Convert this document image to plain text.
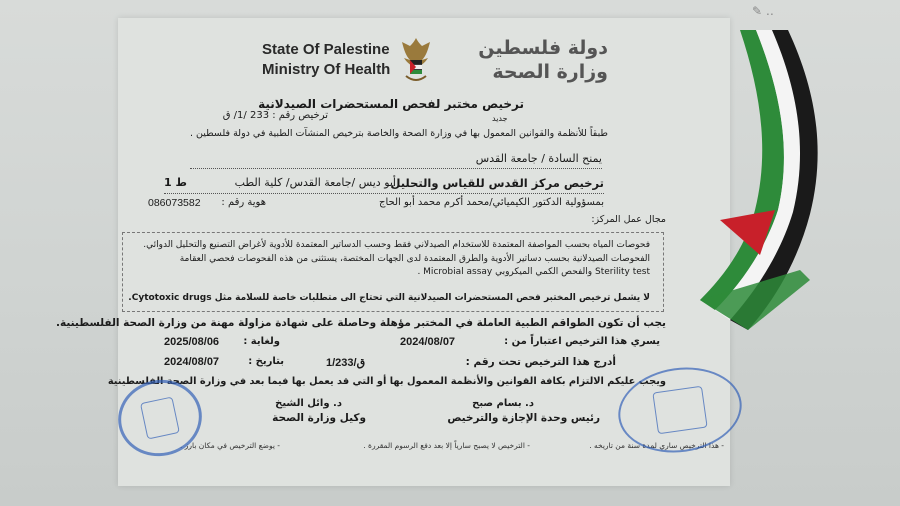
✎ ‥
State Of Palestine
Ministry Of Health
دولة فلسطين
وزارة الصحة
ترخيص مختبر لفحص المستحضرات الصيدلانية
جديد
ترخيص رقم : 233 /1/ ق
طبقاً للأنظمة والقوانين المعمول بها في وزارة الصحة والخاصة بترخيص المنشآت الطبية في دولة فلسطين .
يمنح السادة / جامعة القدس
ترخيص مركز القدس للقياس والتحليل
أبو ديس /جامعة القدس/ كلية الطب
ط 1
بمسؤولية الدكتور الكيميائي/محمد أكرم محمد أبو الحاج
هوية رقم :
086073582
مجال عمل المركز:
فحوصات المياه بحسب المواصفة المعتمدة للاستخدام الصيدلاني فقط وحسب الدساتير المعتمدة للأدوية لأغراض التصنيع والتحليل الدوائي.
الفحوصات الصيدلانية بحسب دساتير الأدوية والطرق المعتمدة لدى الجهات المختصة، يستثنى من هذه الفحوصات فحصي العقامة
Sterility test والفحص الكمي الميكروبي Microbial assay .
لا يشمل ترخيص المختبر فحص المستحضرات الصيدلانية التي تحتاج الى متطلبات خاصة للسلامة مثل Cytotoxic drugs.
يجب أن تكون الطواقم الطبية العاملة في المختبر مؤهلة وحاصلة على شهادة مزاولة مهنة من وزارة الصحة الفلسطينية.
يسري هذا الترخيص اعتباراً من :
2024/08/07
ولغاية :
2025/08/06
أدرج هذا الترخيص تحت رقم :
1/233/ق
بتاريخ :
2024/08/07
ويجب عليكم الالتزام بكافة القوانين والأنظمة المعمول بها أو التي قد يعمل بها فيما بعد في وزارة الصحة الفلسطينية
د. بسام صبح
رئيس وحدة الإجازة والترخيص
د. وائل الشيخ
وكيل وزارة الصحة
- هذا الترخيص ساري لمدة سنة من تاريخه .
- الترخيص لا يصبح سارياً إلا بعد دفع الرسوم المقررة .
- يوضع الترخيص في مكان بارز .
